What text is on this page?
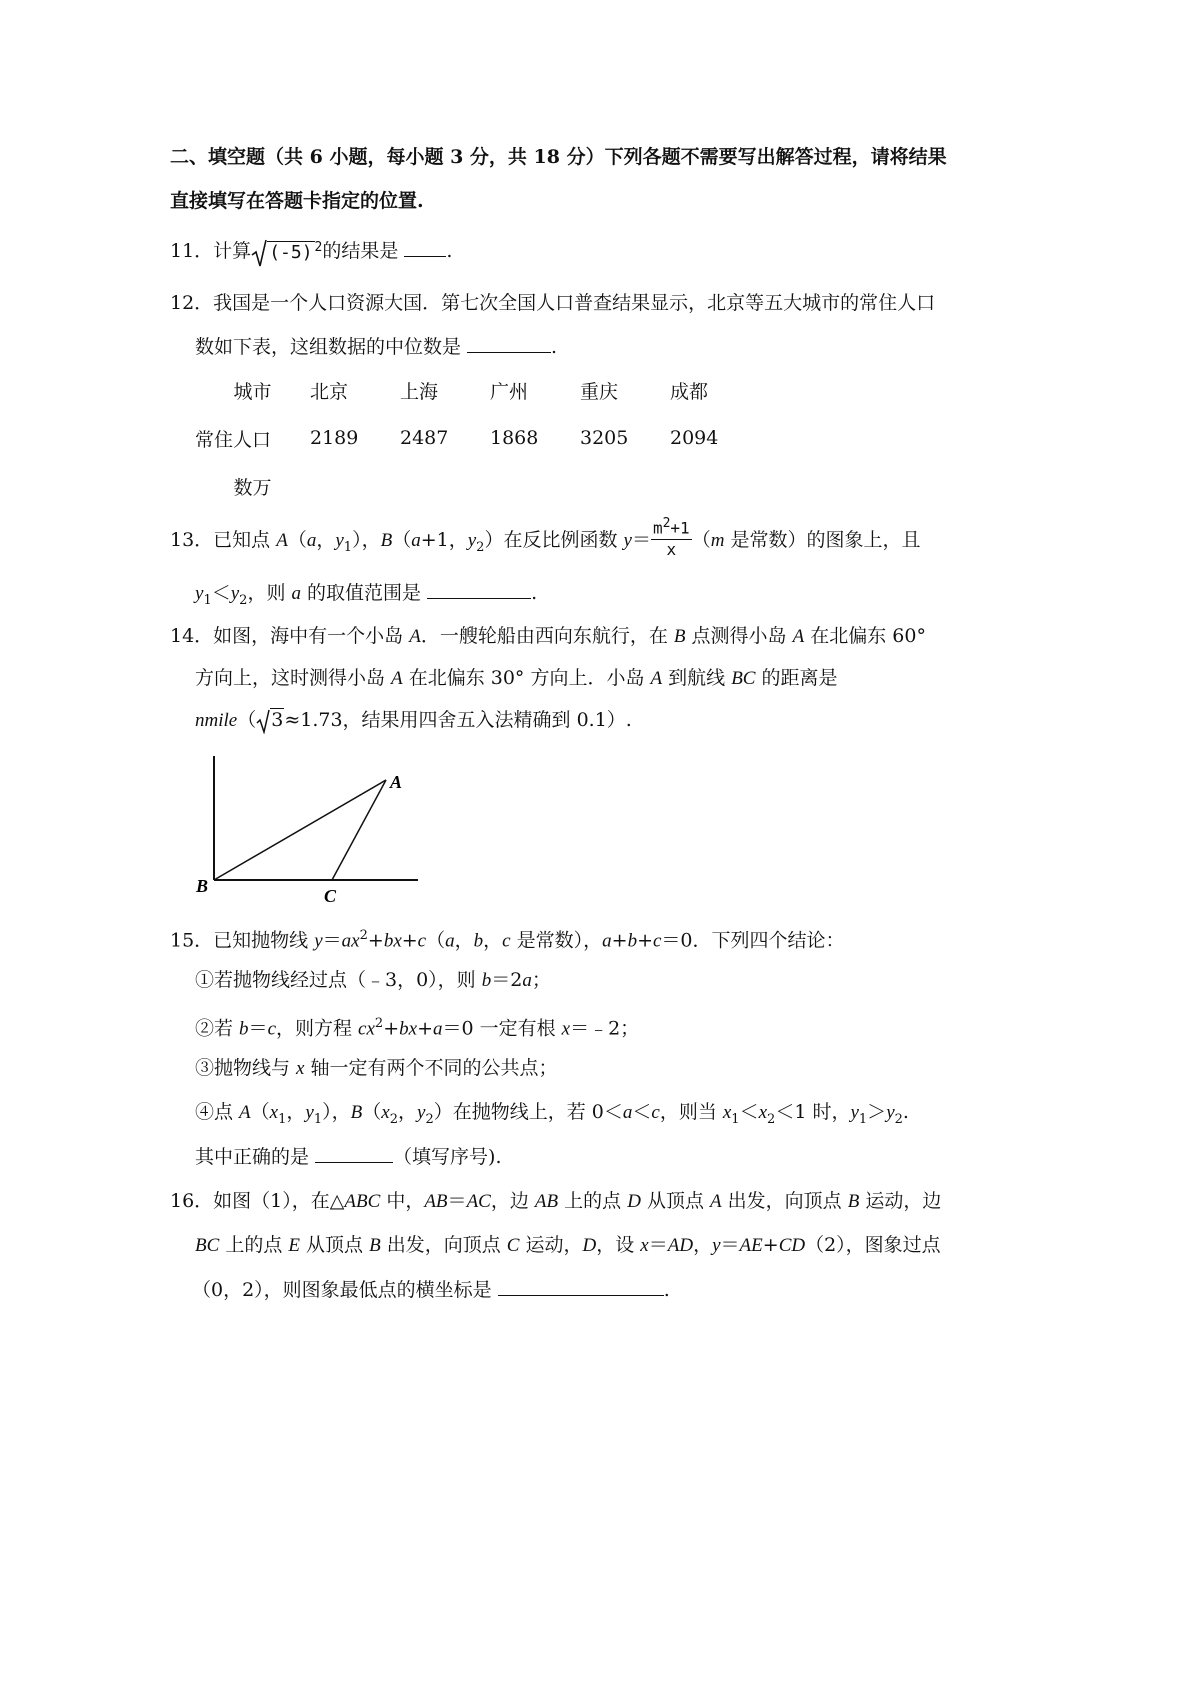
二、填空题（共 6 小题，每小题 3 分，共 18 分）下列各题不需要写出解答过程，请将结果
直接填写在答题卡指定的位置.
11．计算 (-5) $^2$的结果是 .
12．我国是一个人口资源大国．第七次全国人口普查结果显示，北京等五大城市的常住人口
数如下表，这组数据的中位数是	.
城市	北京	上海	广州	重庆	成都
常住人口	2189	2487	1868	3205	2094
数万					
13．已知点 A（a，$y_1$），B（a+1，$y_2$）在反比例函数 $y= \frac{m^2+1}{x} (m$ 是常数）的图象上，且
$y_1<y_2$，则 a 的取值范围是	.
14．如图，海中有一个小岛 A．一艘轮船由西向东航行，在 B 点测得小岛 A 在北偏东 60°
方向上，这时测得小岛 A 在北偏东 30° 方向上．小岛 A 到航线 BC 的距离是
nmile（ 3≈1.73，结果用四舍五入法精确到 0.1）.
A
B	C
15．已知抛物线 $y=ax^2+bx+c(a$，b，c 是常数），a+b+c＝0．下列四个结论：
①若抛物线经过点（﹣3，0），则 b＝2a；
②若 b＝c，则方程 $cx^2+bx+a=0$ 一定有根 x＝﹣2；
③抛物线与 x 轴一定有两个不同的公共点；
④点 $A(x_1$，$y_1$），$B(x_2$，$y_2$）在抛物线上，若 0＜a＜c，则当 $x_1<x_2<1$ 时，$y_1>y_2$.
其中正确的是	（填写序号).
16．如图（1），在△ABC 中，AB＝AC，边 AB 上的点 D 从顶点 A 出发，向顶点 B 运动，边
BC 上的点 E 从顶点 B 出发，向顶点 C 运动，D，设 x＝AD，y＝AE+CD（2），图象过点
（0，2），则图象最低点的横坐标是	.
